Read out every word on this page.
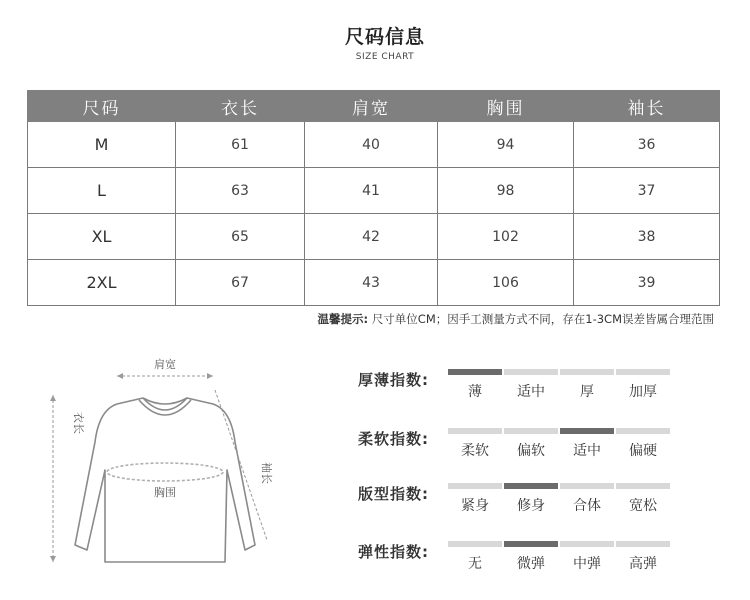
尺码信息
SIZE CHART
尺码	衣长	肩宽	胸围	袖长
M	61	40	94	36
L	63	41	98	37
XL	65	42	102	38
2XL	67	43	106	39
温馨提示: 尺寸单位CM；因手工测量方式不同，存在1-3CM误差皆属合理范围
肩宽
胸围
衣长
袖长
厚薄指数:
薄	适中	厚	加厚
柔软指数:
柔软	偏软	适中	偏硬
版型指数:
紧身	修身	合体	宽松
弹性指数:
无	微弹	中弹	高弹
